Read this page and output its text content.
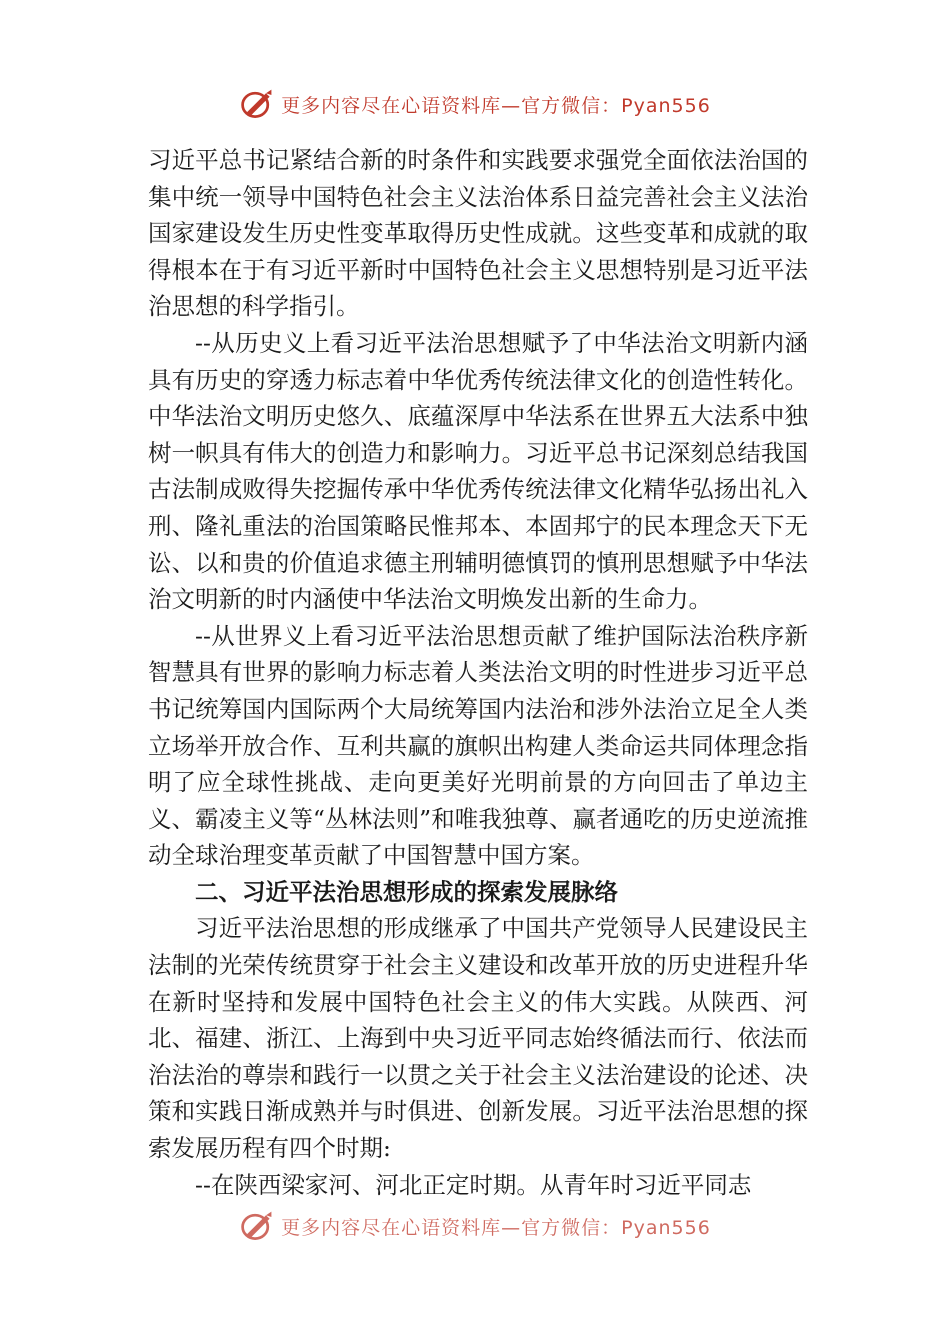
更多内容尽在心语资料库—官方微信：Pyan556

习近平总书记紧结合新的时条件和实践要求强党全面依法治国的集中统一领导中国特色社会主义法治体系日益完善社会主义法治国家建设发生历史性变革取得历史性成就。这些变革和成就的取得根本在于有习近平新时中国特色社会主义思想特别是习近平法治思想的科学指引。

--从历史义上看习近平法治思想赋予了中华法治文明新内涵具有历史的穿透力标志着中华优秀传统法律文化的创造性转化。中华法治文明历史悠久、底蕴深厚中华法系在世界五大法系中独树一帜具有伟大的创造力和影响力。习近平总书记深刻总结我国古法制成败得失挖掘传承中华优秀传统法律文化精华弘扬出礼入刑、隆礼重法的治国策略民惟邦本、本固邦宁的民本理念天下无讼、以和贵的价值追求德主刑辅明德慎罚的慎刑思想赋予中华法治文明新的时内涵使中华法治文明焕发出新的生命力。

--从世界义上看习近平法治思想贡献了维护国际法治秩序新智慧具有世界的影响力标志着人类法治文明的时性进步习近平总书记统筹国内国际两个大局统筹国内法治和涉外法治立足全人类立场举开放合作、互利共赢的旗帜出构建人类命运共同体理念指明了应全球性挑战、走向更美好光明前景的方向回击了单边主义、霸凌主义等“丛林法则”和唯我独尊、赢者通吃的历史逆流推动全球治理变革贡献了中国智慧中国方案。

二、习近平法治思想形成的探索发展脉络

习近平法治思想的形成继承了中国共产党领导人民建设民主法制的光荣传统贯穿于社会主义建设和改革开放的历史进程升华在新时坚持和发展中国特色社会主义的伟大实践。从陕西、河北、福建、浙江、上海到中央习近平同志始终循法而行、依法而治法治的尊崇和践行一以贯之关于社会主义法治建设的论述、决策和实践日渐成熟并与时俱进、创新发展。习近平法治思想的探索发展历程有四个时期:

--在陕西梁家河、河北正定时期。从青年时习近平同志

更多内容尽在心语资料库—官方微信：Pyan556
